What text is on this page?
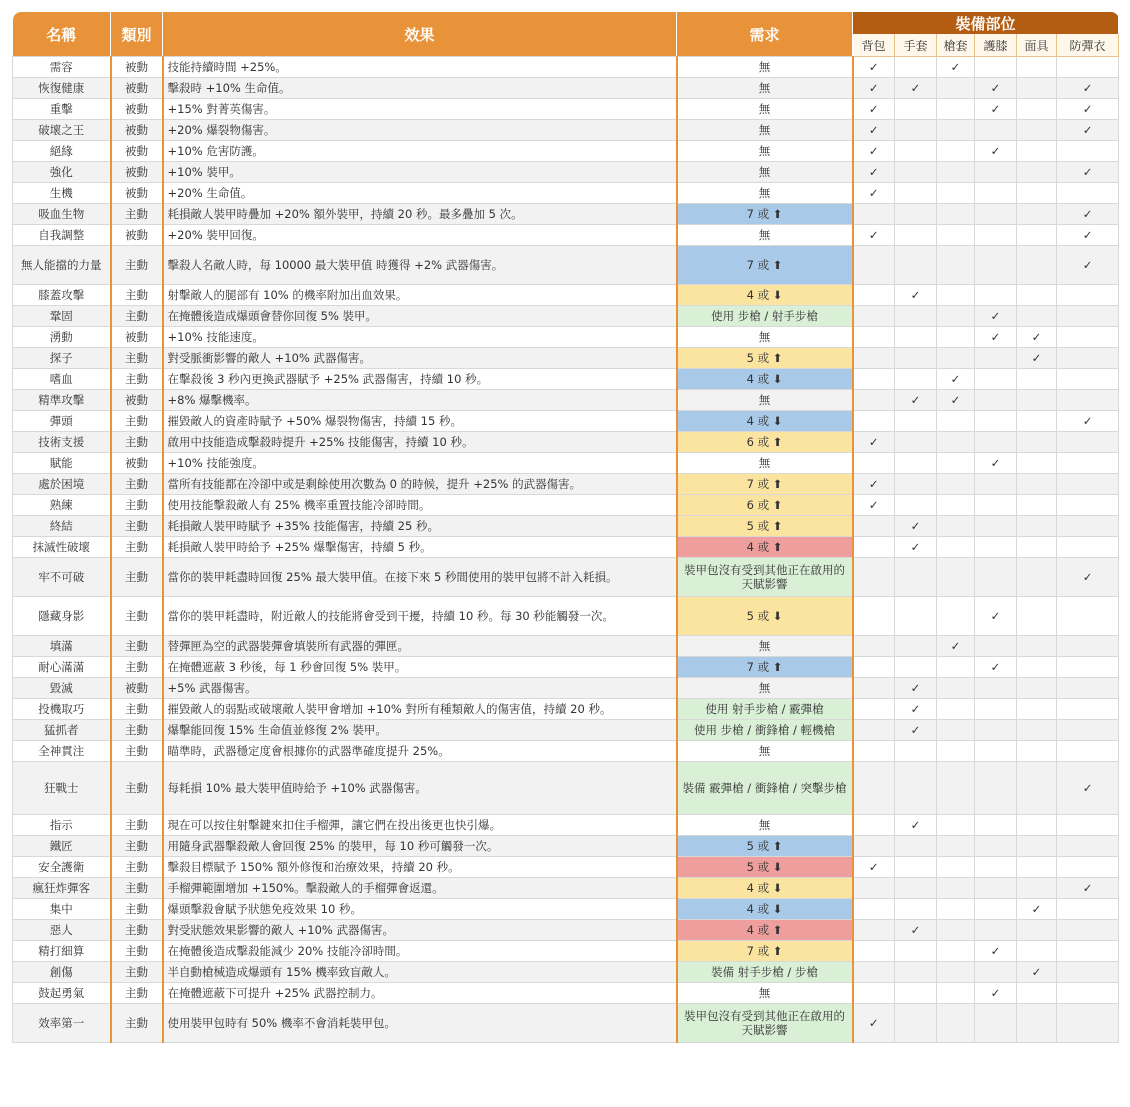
名稱	類別	效果	需求	裝備部位					
				背包	手套	槍套	護膝	面具	防彈衣
需容	被動	技能持續時間 +25%。	無	✓		✓			
恢復健康	被動	擊殺時 +10% 生命值。	無	✓	✓		✓		✓
重擊	被動	+15% 對菁英傷害。	無	✓			✓		✓
破壞之王	被動	+20% 爆裂物傷害。	無	✓					✓
絕緣	被動	+10% 危害防護。	無	✓			✓		
強化	被動	+10% 裝甲。	無	✓					✓
生機	被動	+20% 生命值。	無	✓					
吸血生物	主動	耗損敵人裝甲時疊加 +20% 額外裝甲，持續 20 秒。最多疊加 5 次。	7 或 ⬆						✓
自我調整	被動	+20% 裝甲回復。	無	✓					✓
無人能擋的力量	主動	擊殺人名敵人時，每 10000 最大裝甲值 時獲得 +2% 武器傷害。	7 或 ⬆						✓
膝蓋攻擊	主動	射擊敵人的腿部有 10% 的機率附加出血效果。	4 或 ⬇		✓				
鞏固	主動	在掩體後造成爆頭會替你回復 5% 裝甲。	使用 步槍 / 射手步槍				✓		
湧動	被動	+10% 技能速度。	無				✓	✓	
探子	主動	對受脈衝影響的敵人 +10% 武器傷害。	5 或 ⬆					✓	
嗜血	主動	在擊殺後 3 秒內更換武器賦予 +25% 武器傷害，持續 10 秒。	4 或 ⬇			✓			
精準攻擊	被動	+8% 爆擊機率。	無		✓	✓			
彈頭	主動	摧毀敵人的資產時賦予 +50% 爆裂物傷害，持續 15 秒。	4 或 ⬇						✓
技術支援	主動	啟用中技能造成擊殺時提升 +25% 技能傷害，持續 10 秒。	6 或 ⬆	✓					
賦能	被動	+10% 技能強度。	無				✓		
處於困境	主動	當所有技能都在冷卻中或是剩餘使用次數為 0 的時候，提升 +25% 的武器傷害。	7 或 ⬆	✓					
熟練	主動	使用技能擊殺敵人有 25% 機率重置技能冷卻時間。	6 或 ⬆	✓					
終結	主動	耗損敵人裝甲時賦予 +35% 技能傷害，持續 25 秒。	5 或 ⬆		✓				
抹滅性破壞	主動	耗損敵人裝甲時給予 +25% 爆擊傷害，持續 5 秒。	4 或 ⬆		✓				
牢不可破	主動	當你的裝甲耗盡時回復 25% 最大裝甲值。在接下來 5 秒間使用的裝甲包將不計入耗損。	裝甲包沒有受到其他正在啟用的天賦影響						✓
隱藏身影	主動	當你的裝甲耗盡時，附近敵人的技能將會受到干擾，持續 10 秒。每 30 秒能觸發一次。	5 或 ⬇				✓		
填滿	主動	替彈匣為空的武器裝彈會填裝所有武器的彈匣。	無			✓			
耐心滿滿	主動	在掩體遮蔽 3 秒後，每 1 秒會回復 5% 裝甲。	7 或 ⬆				✓		
毀滅	被動	+5% 武器傷害。	無		✓				
投機取巧	主動	摧毀敵人的弱點或破壞敵人裝甲會增加 +10% 對所有種類敵人的傷害值，持續 20 秒。	使用 射手步槍 / 霰彈槍		✓				
猛抓者	主動	爆擊能回復 15% 生命值並修復 2% 裝甲。	使用 步槍 / 衝鋒槍 / 輕機槍		✓				
全神貫注	主動	瞄準時，武器穩定度會根據你的武器準確度提升 25%。	無						
狂戰士	主動	每耗損 10% 最大裝甲值時給予 +10% 武器傷害。	裝備 霰彈槍 / 衝鋒槍 / 突擊步槍						✓
指示	主動	現在可以按住射擊鍵來扣住手榴彈，讓它們在投出後更也快引爆。	無		✓				
鐵匠	主動	用隨身武器擊殺敵人會回復 25% 的裝甲，每 10 秒可觸發一次。	5 或 ⬆						
安全護衛	主動	擊殺目標賦予 150% 額外修復和治療效果，持續 20 秒。	5 或 ⬇	✓					
瘋狂炸彈客	主動	手榴彈範圍增加 +150%。擊殺敵人的手榴彈會返還。	4 或 ⬇						✓
集中	主動	爆頭擊殺會賦予狀態免疫效果 10 秒。	4 或 ⬇					✓	
惡人	主動	對受狀態效果影響的敵人 +10% 武器傷害。	4 或 ⬆		✓				
精打細算	主動	在掩體後造成擊殺能減少 20% 技能冷卻時間。	7 或 ⬆				✓		
創傷	主動	半自動槍械造成爆頭有 15% 機率致盲敵人。	裝備 射手步槍 / 步槍					✓	
鼓起勇氣	主動	在掩體遮蔽下可提升 +25% 武器控制力。	無				✓		
效率第一	主動	使用裝甲包時有 50% 機率不會消耗裝甲包。	裝甲包沒有受到其他正在啟用的天賦影響	✓					
